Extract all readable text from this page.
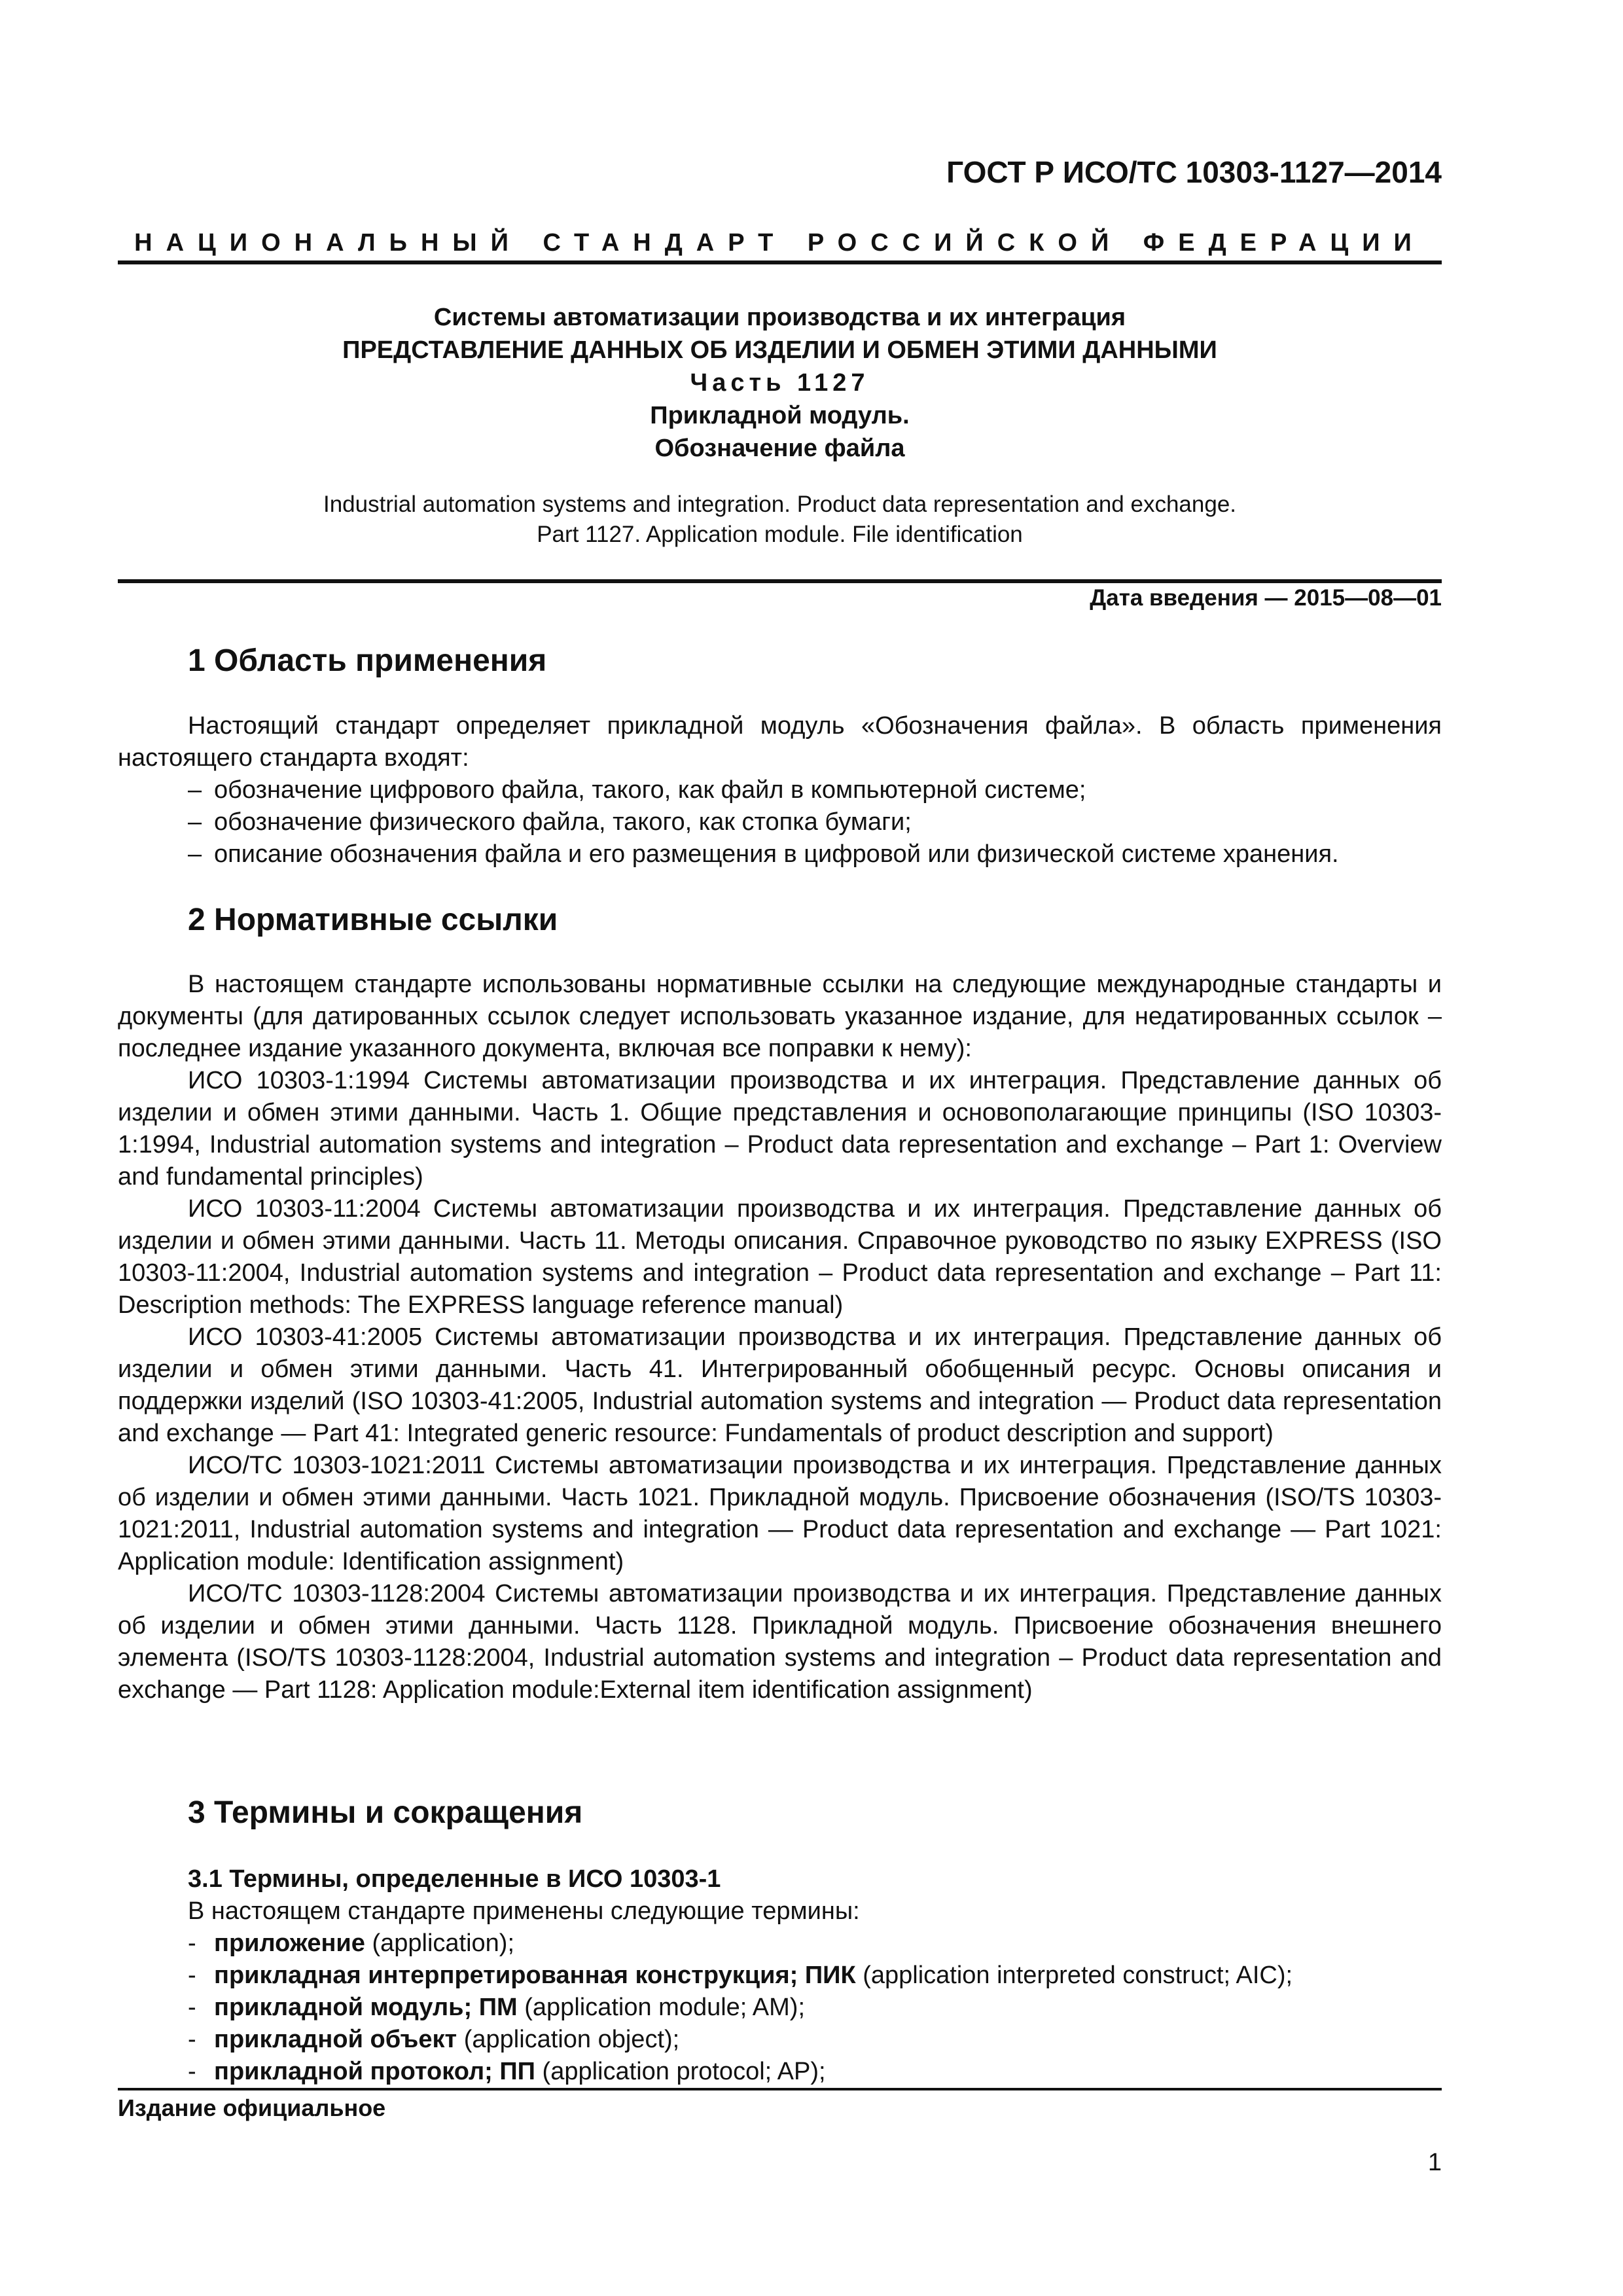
ГОСТ Р ИСО/ТС 10303-1127—2014
НАЦИОНАЛЬНЫЙ СТАНДАРТ РОССИЙСКОЙ ФЕДЕРАЦИИ
Системы автоматизации производства и их интеграция
ПРЕДСТАВЛЕНИЕ ДАННЫХ ОБ ИЗДЕЛИИ И ОБМЕН ЭТИМИ ДАННЫМИ
Часть 1127
Прикладной модуль.
Обозначение файла
Industrial automation systems and integration. Product data representation and exchange.
Part 1127. Application module. File identification
Дата введения — 2015—08—01
1 Область применения

Настоящий стандарт определяет прикладной модуль «Обозначения файла». В область применения настоящего стандарта входят:

– обозначение цифрового файла, такого, как файл в компьютерной системе;
– обозначение физического файла, такого, как стопка бумаги;
– описание обозначения файла и его размещения в цифровой или физической системе хранения.
2 Нормативные ссылки

В настоящем стандарте использованы нормативные ссылки на следующие международные стандарты и документы (для датированных ссылок следует использовать указанное издание, для недатированных ссылок – последнее издание указанного документа, включая все поправки к нему):

ИСО 10303-1:1994 Системы автоматизации производства и их интеграция. Представление данных об изделии и обмен этими данными. Часть 1. Общие представления и основополагающие принципы (ISO 10303-1:1994, Industrial automation systems and integration – Product data representation and exchange – Part 1: Overview and fundamental principles)

ИСО 10303-11:2004 Системы автоматизации производства и их интеграция. Представление данных об изделии и обмен этими данными. Часть 11. Методы описания. Справочное руководство по языку EXPRESS (ISO 10303-11:2004, Industrial automation systems and integration – Product data representation and exchange – Part 11: Description methods: The EXPRESS language reference manual)

ИСО 10303-41:2005 Системы автоматизации производства и их интеграция. Представление данных об изделии и обмен этими данными. Часть 41. Интегрированный обобщенный ресурс. Основы описания и поддержки изделий (ISO 10303-41:2005, Industrial automation systems and integration — Product data representation and exchange — Part 41: Integrated generic resource: Fundamentals of product description and support)

ИСО/ТС 10303-1021:2011 Системы автоматизации производства и их интеграция. Представление данных об изделии и обмен этими данными. Часть 1021. Прикладной модуль. Присвоение обозначения (ISO/TS 10303-1021:2011, Industrial automation systems and integration — Product data representation and exchange — Part 1021: Application module: Identification assignment)

ИСО/ТС 10303-1128:2004 Системы автоматизации производства и их интеграция. Представление данных об изделии и обмен этими данными. Часть 1128. Прикладной модуль. Присвоение обозначения внешнего элемента (ISO/TS 10303-1128:2004, Industrial automation systems and integration – Product data representation and exchange — Part 1128: Application module:External item identification assignment)

3 Термины и сокращения
3.1 Термины, определенные в ИСО 10303-1
В настоящем стандарте применены следующие термины:
- приложение (application);
- прикладная интерпретированная конструкция; ПИК (application interpreted construct; AIC);
- прикладной модуль; ПМ (application module; AM);
- прикладной объект (application object);
- прикладной протокол; ПП (application protocol; AP);
Издание официальное
1
